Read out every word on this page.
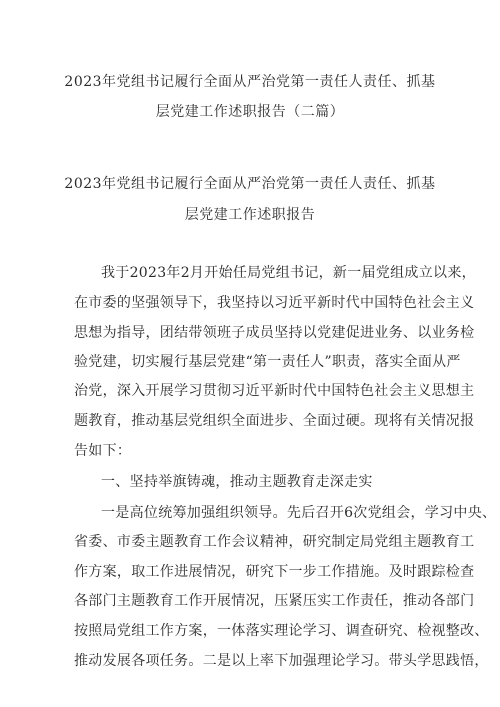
2023年党组书记履行全面从严治党第一责任人责任、抓基
层党建工作述职报告（二篇）
2023年党组书记履行全面从严治党第一责任人责任、抓基
层党建工作述职报告
我于2023年2月开始任局党组书记，新一届党组成立以来，
在市委的坚强领导下，我坚持以习近平新时代中国特色社会主义
思想为指导，团结带领班子成员坚持以党建促进业务、以业务检
验党建，切实履行基层党建“第一责任人”职责，落实全面从严
治党，深入开展学习贯彻习近平新时代中国特色社会主义思想主
题教育，推动基层党组织全面进步、全面过硬。现将有关情况报
告如下：
一、坚持举旗铸魂，推动主题教育走深走实
一是高位统筹加强组织领导。先后召开6次党组会，学习中央、
省委、市委主题教育工作会议精神，研究制定局党组主题教育工
作方案，取工作进展情况，研究下一步工作措施。及时跟踪检查
各部门主题教育工作开展情况，压紧压实工作责任，推动各部门
按照局党组工作方案，一体落实理论学习、调查研究、检视整改、
推动发展各项任务。二是以上率下加强理论学习。带头学思践悟，
